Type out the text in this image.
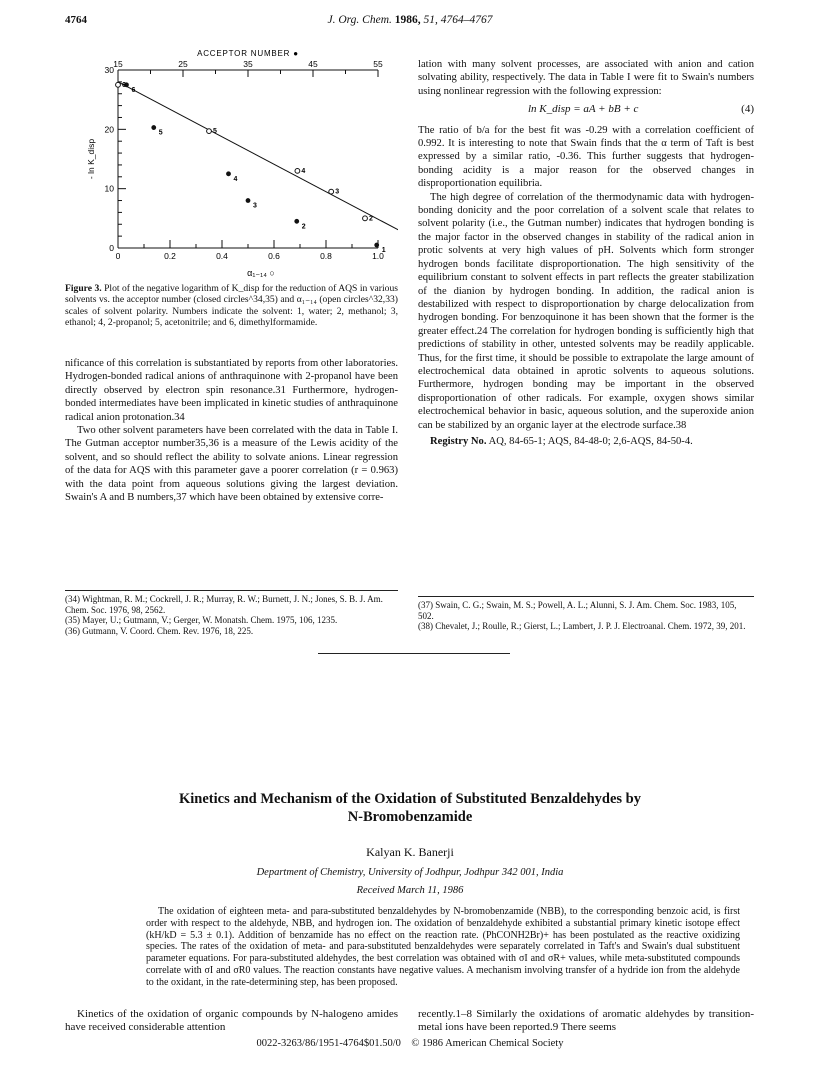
4764	J. Org. Chem. 1986, 51, 4764–4767
15	25	35	45	55
ACCEPTOR NUMBER ●
0	0.2	0.4	0.6	0.8	1.0
α₁₋₁₄ ○
0
10
20
30
- ln K_disp
1
2
3
4
5
6
2
3
4
5
6
Figure 3. Plot of the negative logarithm of K_disp for the reduction of AQS in various solvents vs. the acceptor number (closed circles^34,35) and α₁₋₁₄ (open circles^32,33) scales of solvent polarity. Numbers indicate the solvent: 1, water; 2, methanol; 3, ethanol; 4, 2-propanol; 5, acetonitrile; and 6, dimethylformamide.

nificance of this correlation is substantiated by reports from other laboratories. Hydrogen-bonded radical anions of anthraquinone with 2-propanol have been directly observed by electron spin resonance.31 Furthermore, hydrogen-bonded intermediates have been implicated in kinetic studies of anthraquinone radical anion protonation.34

Two other solvent parameters have been correlated with the data in Table I. The Gutman acceptor number35,36 is a measure of the Lewis acidity of the solvent, and so should reflect the ability to solvate anions. Linear regression of the data for AQS with this parameter gave a poorer correlation (r = 0.963) with the data point from aqueous solutions giving the largest deviation. Swain's A and B numbers,37 which have been obtained by extensive corre-

(34) Wightman, R. M.; Cockrell, J. R.; Murray, R. W.; Burnett, J. N.; Jones, S. B. J. Am. Chem. Soc. 1976, 98, 2562.

(35) Mayer, U.; Gutmann, V.; Gerger, W. Monatsh. Chem. 1975, 106, 1235.

(36) Gutmann, V. Coord. Chem. Rev. 1976, 18, 225.

lation with many solvent processes, are associated with anion and cation solvating ability, respectively. The data in Table I were fit to Swain's numbers using nonlinear regression with the following expression:

ln K_disp = aA + bB + c	(4)

The ratio of b/a for the best fit was -0.29 with a correlation coefficient of 0.992. It is interesting to note that Swain finds that the α term of Taft is best expressed by a similar ratio, -0.36. This further suggests that hydrogen-bonding acidity is a major reason for the observed changes in disproportionation equilibria.

The high degree of correlation of the thermodynamic data with hydrogen-bonding donicity and the poor correlation of a solvent scale that relates to solvent polarity (i.e., the Gutman number) indicates that hydrogen bonding is the major factor in the observed changes in stability of the radical anion in protic solvents at very high values of pH. Solvents which form stronger hydrogen bonds facilitate disproportionation. The high sensitivity of the equilibrium constant to solvent effects in part reflects the greater stabilization of the dianion by hydrogen bonding. In addition, the radical anion is destabilized with respect to disproportionation by charge delocalization from hydrogen bonding. For benzoquinone it has been shown that the former is the greater effect.24 The correlation for hydrogen bonding is sufficiently high that predictions of stability in other, untested solvents may be readily applicable. Thus, for the first time, it should be possible to extrapolate the large amount of electrochemical data obtained in aprotic solvents to aqueous solutions. Furthermore, hydrogen bonding may be important in the observed disproportionation of other radicals. For example, oxygen shows similar electrochemical behavior in basic, aqueous solution, and the superoxide anion can be stabilized by an organic layer at the electrode surface.38

Registry No. AQ, 84-65-1; AQS, 84-48-0; 2,6-AQS, 84-50-4.

(37) Swain, C. G.; Swain, M. S.; Powell, A. L.; Alunni, S. J. Am. Chem. Soc. 1983, 105, 502.

(38) Chevalet, J.; Roulle, R.; Gierst, L.; Lambert, J. P. J. Electroanal. Chem. 1972, 39, 201.

Kinetics and Mechanism of the Oxidation of Substituted Benzaldehydes by
N-Bromobenzamide
Kalyan K. Banerji
Department of Chemistry, University of Jodhpur, Jodhpur 342 001, India
Received March 11, 1986
The oxidation of eighteen meta- and para-substituted benzaldehydes by N-bromobenzamide (NBB), to the corresponding benzoic acid, is first order with respect to the aldehyde, NBB, and hydrogen ion. The oxidation of benzaldehyde exhibited a substantial primary kinetic isotope effect (kH/kD = 5.3 ± 0.1). Addition of benzamide has no effect on the reaction rate. (PhCONH2Br)+ has been postulated as the reactive oxidizing species. The rates of the oxidation of meta- and para-substituted benzaldehydes were separately correlated in Taft's and Swain's dual substituent parameter equations. For para-substituted aldehydes, the best correlation was obtained with σI and σR+ values, while meta-substituted compounds correlate with σI and σR0 values. The reaction constants have negative values. A mechanism involving transfer of a hydride ion from the aldehyde to the oxidant, in the rate-determining step, has been proposed.
Kinetics of the oxidation of organic compounds by N-halogeno amides have received considerable attention
recently.1–8 Similarly the oxidations of aromatic aldehydes by transition-metal ions have been reported.9 There seems
0022-3263/86/1951-4764$01.50/0 © 1986 American Chemical Society
